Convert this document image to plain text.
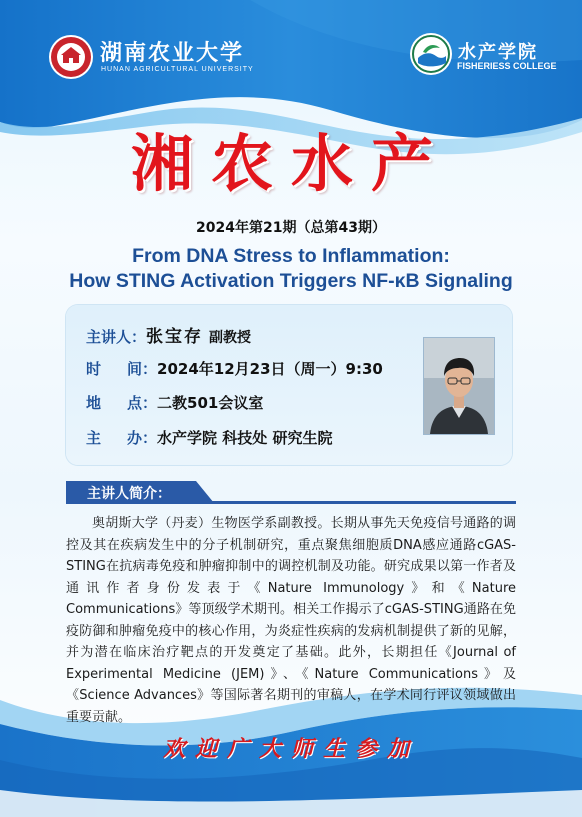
湖南农业大学
HUNAN AGRICULTURAL UNIVERSITY
水产学院
FISHERIESS COLLEGE
湘农水产
2024年第21期（总第43期）
From DNA Stress to Inflammation:
How STING Activation Triggers NF-κB Signaling
主讲人：张宝存 副教授
时间：2024年12月23日（周一）9:30
地点：二教501会议室
主办：水产学院 科技处 研究生院
主讲人简介：

奥胡斯大学（丹麦）生物医学系副教授。长期从事先天免疫信号通路的调控及其在疾病发生中的分子机制研究，重点聚焦细胞质DNA感应通路cGAS-STING在抗病毒免疫和肿瘤抑制中的调控机制及功能。研究成果以第一作者及通讯作者身份发表于《Nature Immunology》和《Nature Communications》等顶级学术期刊。相关工作揭示了cGAS-STING通路在免疫防御和肿瘤免疫中的核心作用，为炎症性疾病的发病机制提供了新的见解，并为潜在临床治疗靶点的开发奠定了基础。此外，长期担任《Journal of Experimental Medicine (JEM)》、《Nature Communications》及《Science Advances》等国际著名期刊的审稿人，在学术同行评议领域做出重要贡献。

欢迎广大师生参加
